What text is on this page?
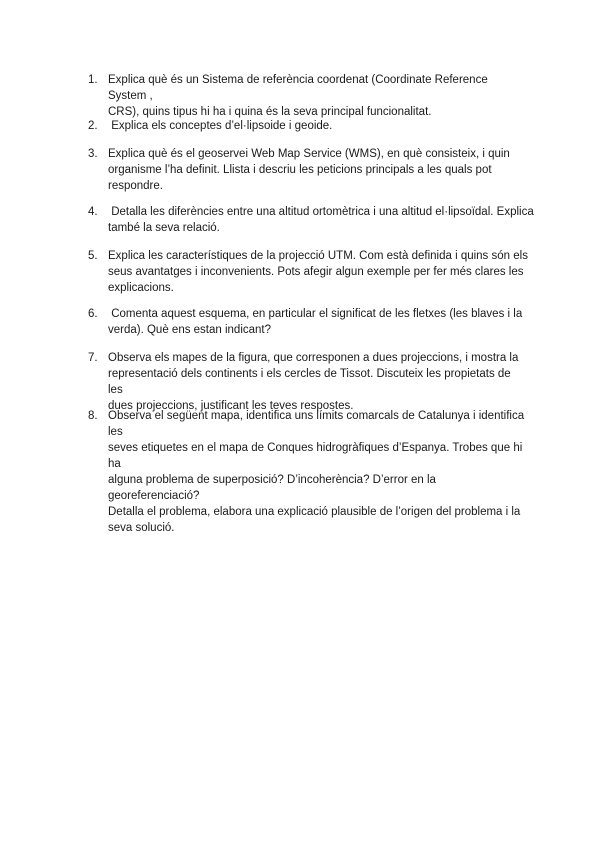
1. Explica què és un Sistema de referència coordenat (Coordinate Reference System ,
CRS), quins tipus hi ha i quina és la seva principal funcionalitat.
2. Explica els conceptes d’el·lipsoide i geoide.
3. Explica què és el geoservei Web Map Service (WMS), en què consisteix, i quin
organisme l’ha definit. Llista i descriu les peticions principals a les quals pot
respondre.
4. Detalla les diferències entre una altitud ortomètrica i una altitud el·lipsoïdal. Explica
també la seva relació.
5. Explica les característiques de la projecció UTM. Com està definida i quins són els
seus avantatges i inconvenients. Pots afegir algun exemple per fer més clares les
explicacions.
6. Comenta aquest esquema, en particular el significat de les fletxes (les blaves i la
verda). Què ens estan indicant?
7. Observa els mapes de la figura, que corresponen a dues projeccions, i mostra la
representació dels continents i els cercles de Tissot. Discuteix les propietats de les
dues projeccions, justificant les teves respostes.
8. Observa el següent mapa, identifica uns límits comarcals de Catalunya i identifica les
seves etiquetes en el mapa de Conques hidrogràfiques d’Espanya. Trobes que hi ha
alguna problema de superposició? D’incoherència? D’error en la georeferenciació?
Detalla el problema, elabora una explicació plausible de l’origen del problema i la
seva solució.
